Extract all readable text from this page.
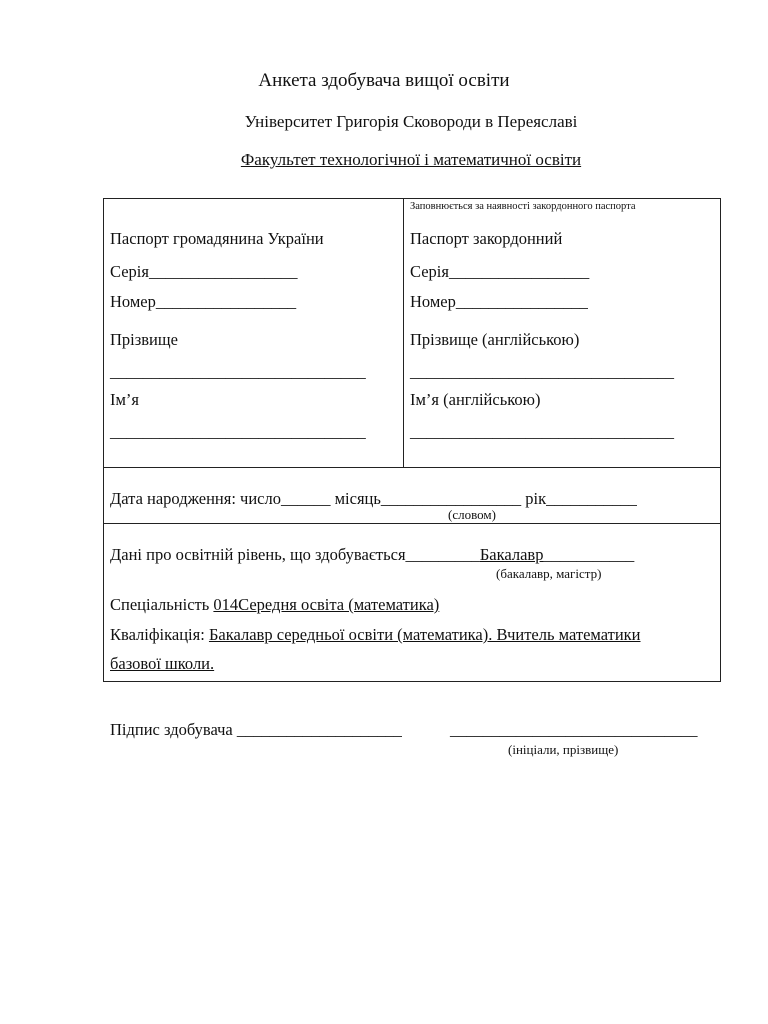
Анкета здобувача вищої освіти
Університет Григорія Сковороди в Переяславі
Факультет технологічної і математичної освіти
Паспорт громадянина України
Серія__________________
Номер_________________
Прізвище
_______________________________
Ім’я
_______________________________
Заповнюється за наявності закордонного паспорта
Паспорт закордонний
Серія_________________
Номер________________
Прізвище (англійською)
________________________________
Ім’я (англійською)
________________________________
Дата народження: число______ місяць_________________ рік___________
(словом)
Дані про освітній рівень, що здобувається_________Бакалавр___________
(бакалавр, магістр)
Спеціальність 014Середня освіта (математика)
Кваліфікація: Бакалавр середньої освіти (математика). Вчитель математики
базової школи.
Підпис здобувача ____________________	______________________________
(ініціали, прізвище)
